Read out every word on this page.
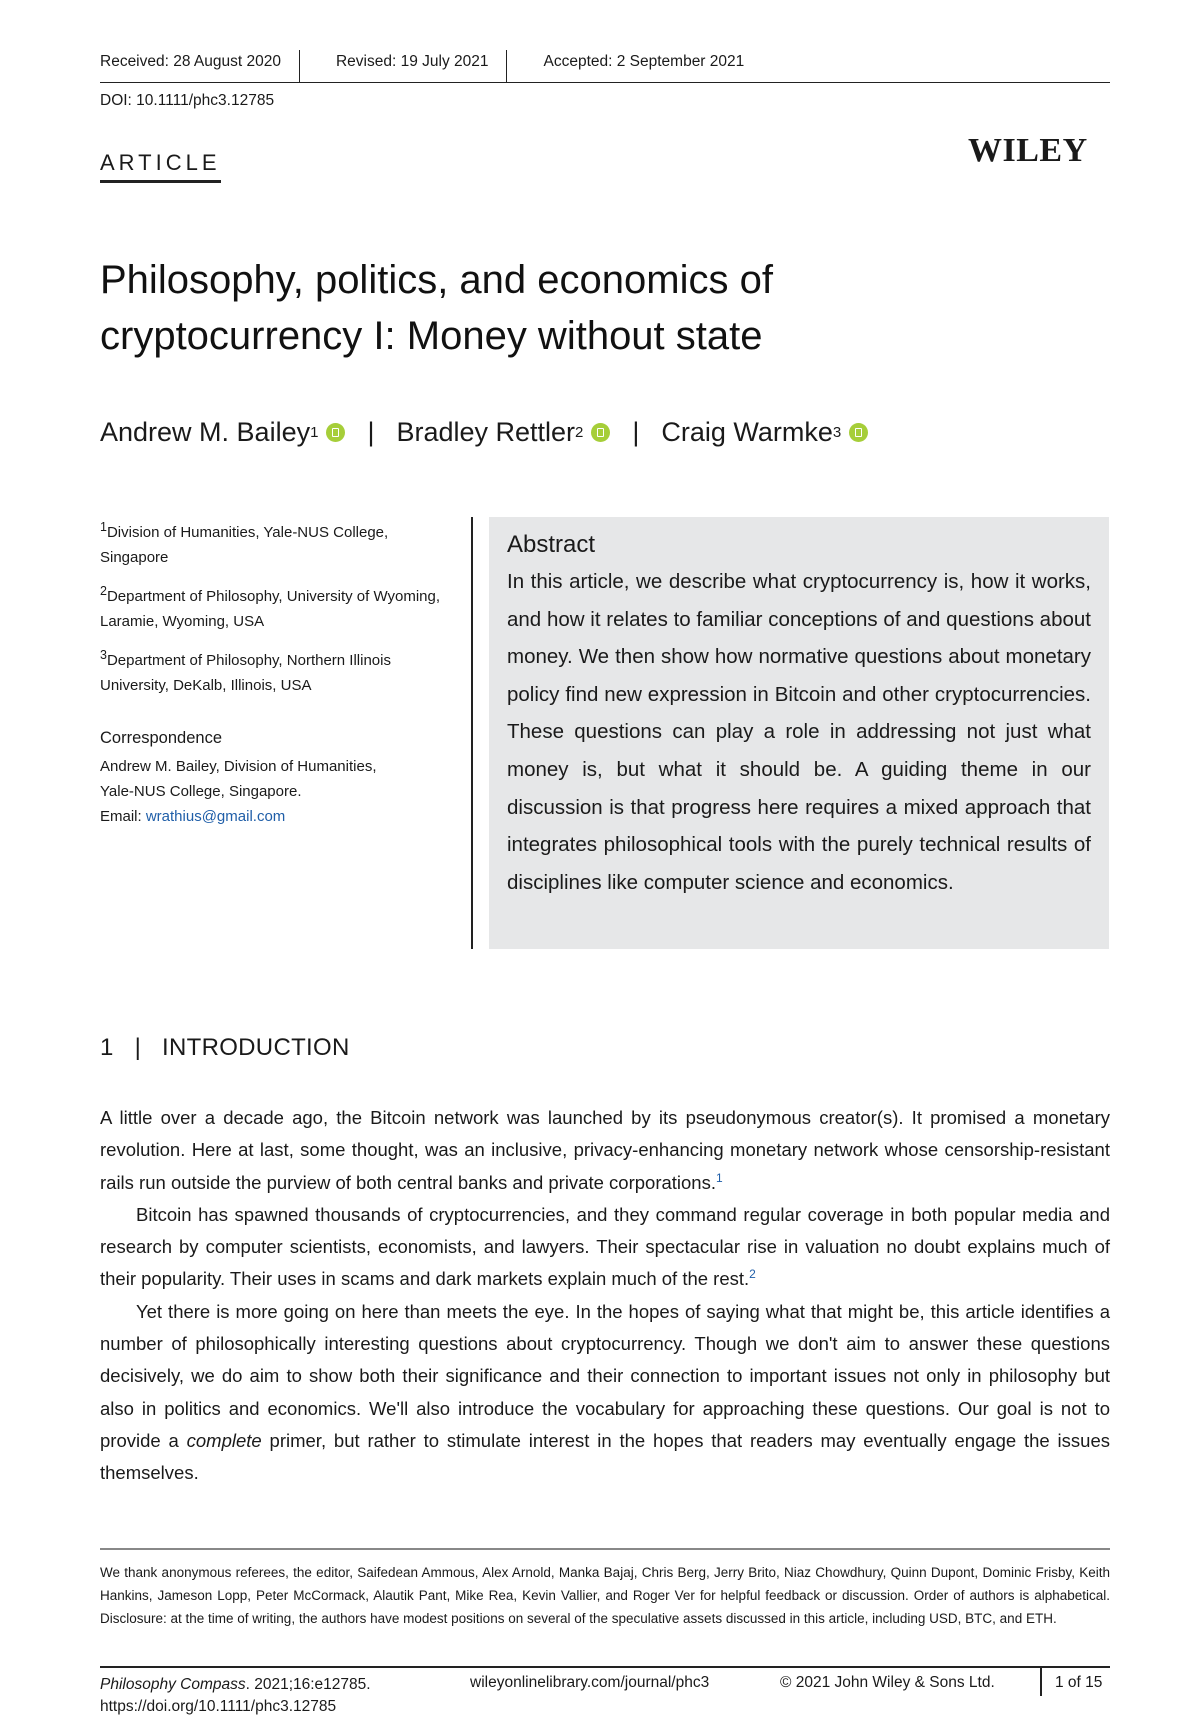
Received: 28 August 2020	Revised: 19 July 2021	Accepted: 2 September 2021
DOI: 10.1111/phc3.12785
ARTICLE	WILEY
Philosophy, politics, and economics of
cryptocurrency I: Money without state
Andrew M. Bailey 1 | Bradley Rettler 2 | Craig Warmke 3

$^1$Division of Humanities, Yale-NUS College, Singapore

$^2$Department of Philosophy, University of Wyoming, Laramie, Wyoming, USA

$^3$Department of Philosophy, Northern Illinois University, DeKalb, Illinois, USA

Correspondence
Andrew M. Bailey, Division of Humanities,
Yale-NUS College, Singapore.
Email: wrathius@gmail.com
Abstract

In this article, we describe what cryptocurrency is, how it works, and how it relates to familiar conceptions of and questions about money. We then show how normative questions about monetary policy find new expression in Bitcoin and other cryptocurrencies. These questions can play a role in addressing not just what money is, but what it should be. A guiding theme in our discussion is that progress here requires a mixed approach that integrates philosophical tools with the purely technical results of disciplines like computer science and economics.

1 | INTRODUCTION

A little over a decade ago, the Bitcoin network was launched by its pseudonymous creator(s). It promised a monetary revolution. Here at last, some thought, was an inclusive, privacy-enhancing monetary network whose censorship-resistant rails run outside the purview of both central banks and private corporations.$^1$

Bitcoin has spawned thousands of cryptocurrencies, and they command regular coverage in both popular media and research by computer scientists, economists, and lawyers. Their spectacular rise in valuation no doubt explains much of their popularity. Their uses in scams and dark markets explain much of the rest.$^2$

Yet there is more going on here than meets the eye. In the hopes of saying what that might be, this article identifies a number of philosophically interesting questions about cryptocurrency. Though we don't aim to answer these questions decisively, we do aim to show both their significance and their connection to important issues not only in philosophy but also in politics and economics. We'll also introduce the vocabulary for approaching these questions. Our goal is not to provide a complete primer, but rather to stimulate interest in the hopes that readers may eventually engage the issues themselves.

We thank anonymous referees, the editor, Saifedean Ammous, Alex Arnold, Manka Bajaj, Chris Berg, Jerry Brito, Niaz Chowdhury, Quinn Dupont, Dominic Frisby, Keith Hankins, Jameson Lopp, Peter McCormack, Alautik Pant, Mike Rea, Kevin Vallier, and Roger Ver for helpful feedback or discussion. Order of authors is alphabetical. Disclosure: at the time of writing, the authors have modest positions on several of the speculative assets discussed in this article, including USD, BTC, and ETH.
Philosophy Compass. 2021;16:e12785.
https://doi.org/10.1111/phc3.12785
wileyonlinelibrary.com/journal/phc3	© 2021 John Wiley & Sons Ltd.	1 of 15
